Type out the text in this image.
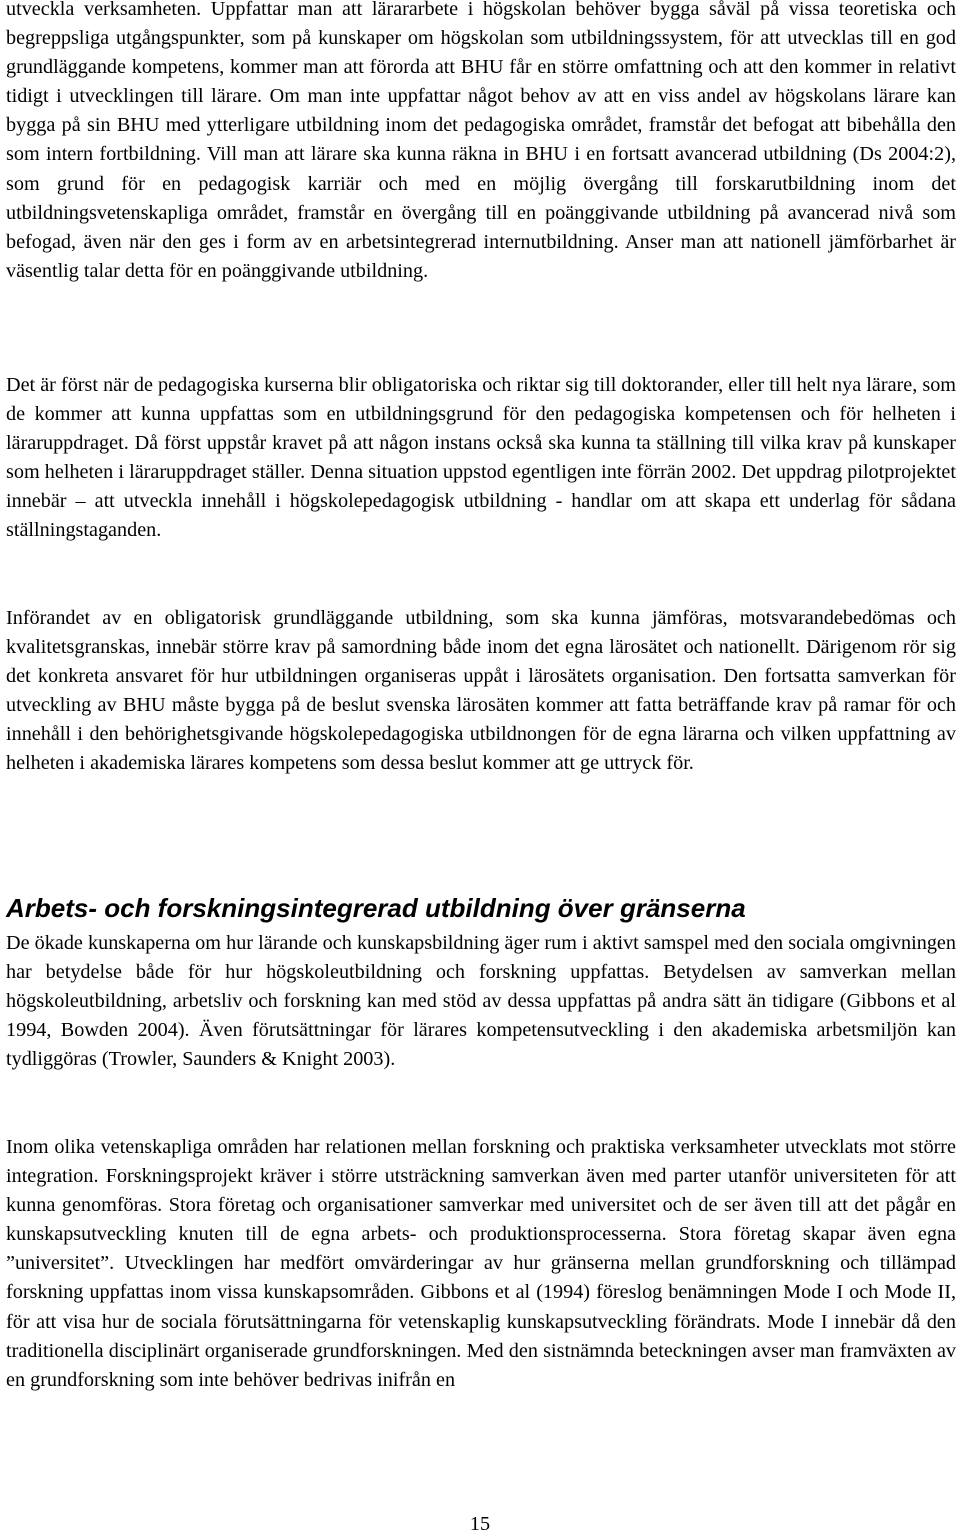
utveckla verksamheten. Uppfattar man att lärararbete i högskolan behöver bygga såväl på vissa teoretiska och begreppsliga utgångspunkter, som på kunskaper om högskolan som utbildningssystem, för att utvecklas till en god grundläggande kompetens, kommer man att förorda att BHU får en större omfattning och att den kommer in relativt tidigt i utvecklingen till lärare. Om man inte uppfattar något behov av att en viss andel av högskolans lärare kan bygga på sin BHU med ytterligare utbildning inom det pedagogiska området, framstår det befogat att bibehålla den som intern fortbildning. Vill man att lärare ska kunna räkna in BHU i en fortsatt avancerad utbildning (Ds 2004:2), som grund för en pedagogisk karriär och med en möjlig övergång till forskarutbildning inom det utbildningsvetenskapliga området, framstår en övergång till en poänggivande utbildning på avancerad nivå som befogad, även när den ges i form av en arbetsintegrerad internutbildning. Anser man att nationell jämförbarhet är väsentlig talar detta för en poänggivande utbildning.

Det är först när de pedagogiska kurserna blir obligatoriska och riktar sig till doktorander, eller till helt nya lärare, som de kommer att kunna uppfattas som en utbildningsgrund för den pedagogiska kompetensen och för helheten i läraruppdraget. Då först uppstår kravet på att någon instans också ska kunna ta ställning till vilka krav på kunskaper som helheten i läraruppdraget ställer. Denna situation uppstod egentligen inte förrän 2002. Det uppdrag pilotprojektet innebär – att utveckla innehåll i högskolepedagogisk utbildning - handlar om att skapa ett underlag för sådana ställningstaganden.

Införandet av en obligatorisk grundläggande utbildning, som ska kunna jämföras, motsvarandebedömas och kvalitetsgranskas, innebär större krav på samordning både inom det egna lärosätet och nationellt. Därigenom rör sig det konkreta ansvaret för hur utbildningen organiseras uppåt i lärosätets organisation. Den fortsatta samverkan för utveckling av BHU måste bygga på de beslut svenska lärosäten kommer att fatta beträffande krav på ramar för och innehåll i den behörighetsgivande högskolepedagogiska utbildnongen för de egna lärarna och vilken uppfattning av helheten i akademiska lärares kompetens som dessa beslut kommer att ge uttryck för.

Arbets- och forskningsintegrerad utbildning över gränserna

De ökade kunskaperna om hur lärande och kunskapsbildning äger rum i aktivt samspel med den sociala omgivningen har betydelse både för hur högskoleutbildning och forskning uppfattas. Betydelsen av samverkan mellan högskoleutbildning, arbetsliv och forskning kan med stöd av dessa uppfattas på andra sätt än tidigare (Gibbons et al 1994, Bowden 2004). Även förutsättningar för lärares kompetensutveckling i den akademiska arbetsmiljön kan tydliggöras (Trowler, Saunders & Knight 2003).

Inom olika vetenskapliga områden har relationen mellan forskning och praktiska verksamheter utvecklats mot större integration. Forskningsprojekt kräver i större utsträckning samverkan även med parter utanför universiteten för att kunna genomföras. Stora företag och organisationer samverkar med universitet och de ser även till att det pågår en kunskapsutveckling knuten till de egna arbets- och produktionsprocesserna. Stora företag skapar även egna ”universitet”. Utvecklingen har medfört omvärderingar av hur gränserna mellan grundforskning och tillämpad forskning uppfattas inom vissa kunskapsområden. Gibbons et al (1994) föreslog benämningen Mode I och Mode II, för att visa hur de sociala förutsättningarna för vetenskaplig kunskapsutveckling förändrats. Mode I innebär då den traditionella disciplinärt organiserade grundforskningen. Med den sistnämnda beteckningen avser man framväxten av en grundforskning som inte behöver bedrivas inifrån en

15
